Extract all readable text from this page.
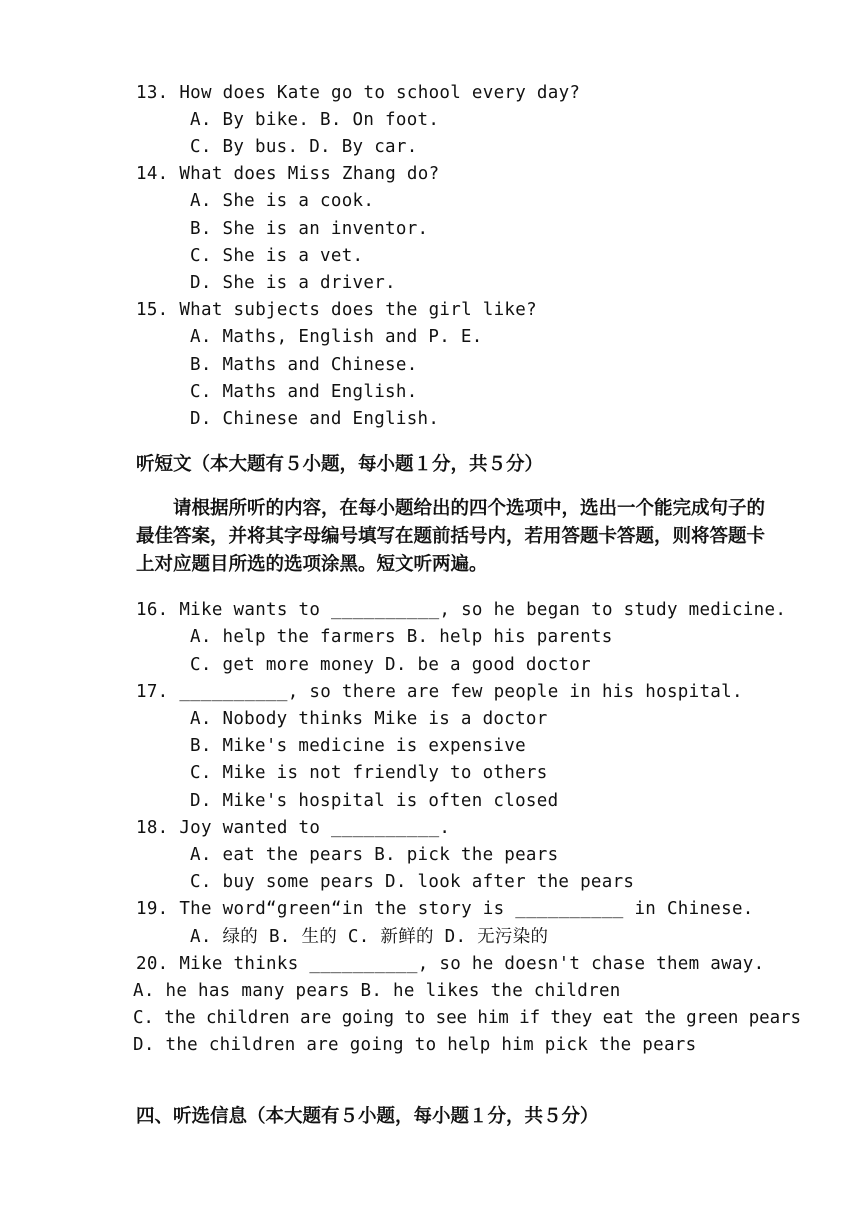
13. How does Kate go to school every day?
A. By bike. B. On foot.
C. By bus. D. By car.
14. What does Miss Zhang do?
A. She is a cook.
B. She is an inventor.
C. She is a vet.
D. She is a driver.
15. What subjects does the girl like?
A. Maths, English and P. E.
B. Maths and Chinese.
C. Maths and English.
D. Chinese and English.
听短文（本大题有５小题，每小题１分，共５分）
请根据所听的内容，在每小题给出的四个选项中，选出一个能完成句子的最佳答案，并将其字母编号填写在题前括号内，若用答题卡答题，则将答题卡上对应题目所选的选项涂黑。短文听两遍。
16. Mike wants to __________, so he began to study medicine.
A. help the farmers B. help his parents
C. get more money D. be a good doctor
17. __________, so there are few people in his hospital.
A. Nobody thinks Mike is a doctor
B. Mike's medicine is expensive
C. Mike is not friendly to others
D. Mike's hospital is often closed
18. Joy wanted to __________.
A. eat the pears B. pick the pears
C. buy some pears D. look after the pears
19. The word“green“in the story is __________ in Chinese.
A. 绿的 B. 生的 C. 新鲜的 D. 无污染的
20. Mike thinks __________, so he doesn't chase them away.
A. he has many pears B. he likes the children
C. the children are going to see him if they eat the green pears
D. the children are going to help him pick the pears
四、听选信息（本大题有５小题，每小题１分，共５分）
